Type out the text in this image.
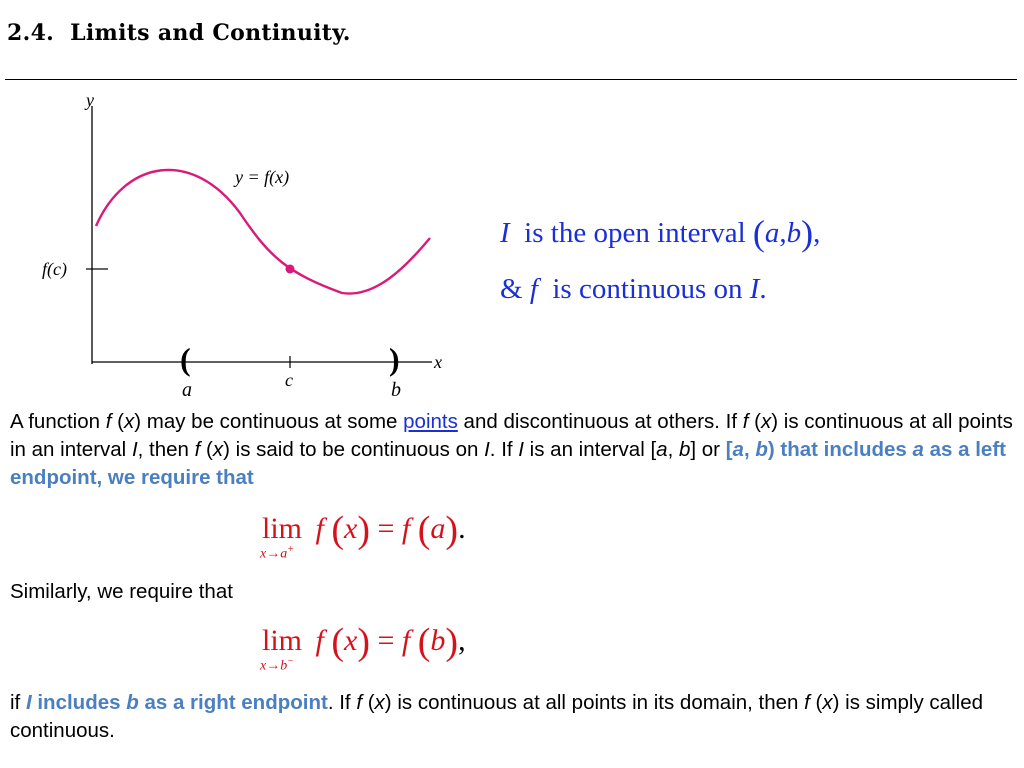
2.4. Limits and Continuity.
y
x
f(c)
y = f(x)
a	c	b
(	)
I is the open interval (a,b),
& f is continuous on I.
A function f (x) may be continuous at some points and discontinuous at others. If f (x) is continuous at all points in an interval I, then f (x) is said to be continuous on I. If I is an interval [a, b] or [a, b) that includes a as a left endpoint, we require that
lim
x→a+
f (x) = f (a).
Similarly, we require that
lim
x→b−
f (x) = f (b),
if I includes b as a right endpoint. If f (x) is continuous at all points in its domain, then f (x) is simply called continuous.
